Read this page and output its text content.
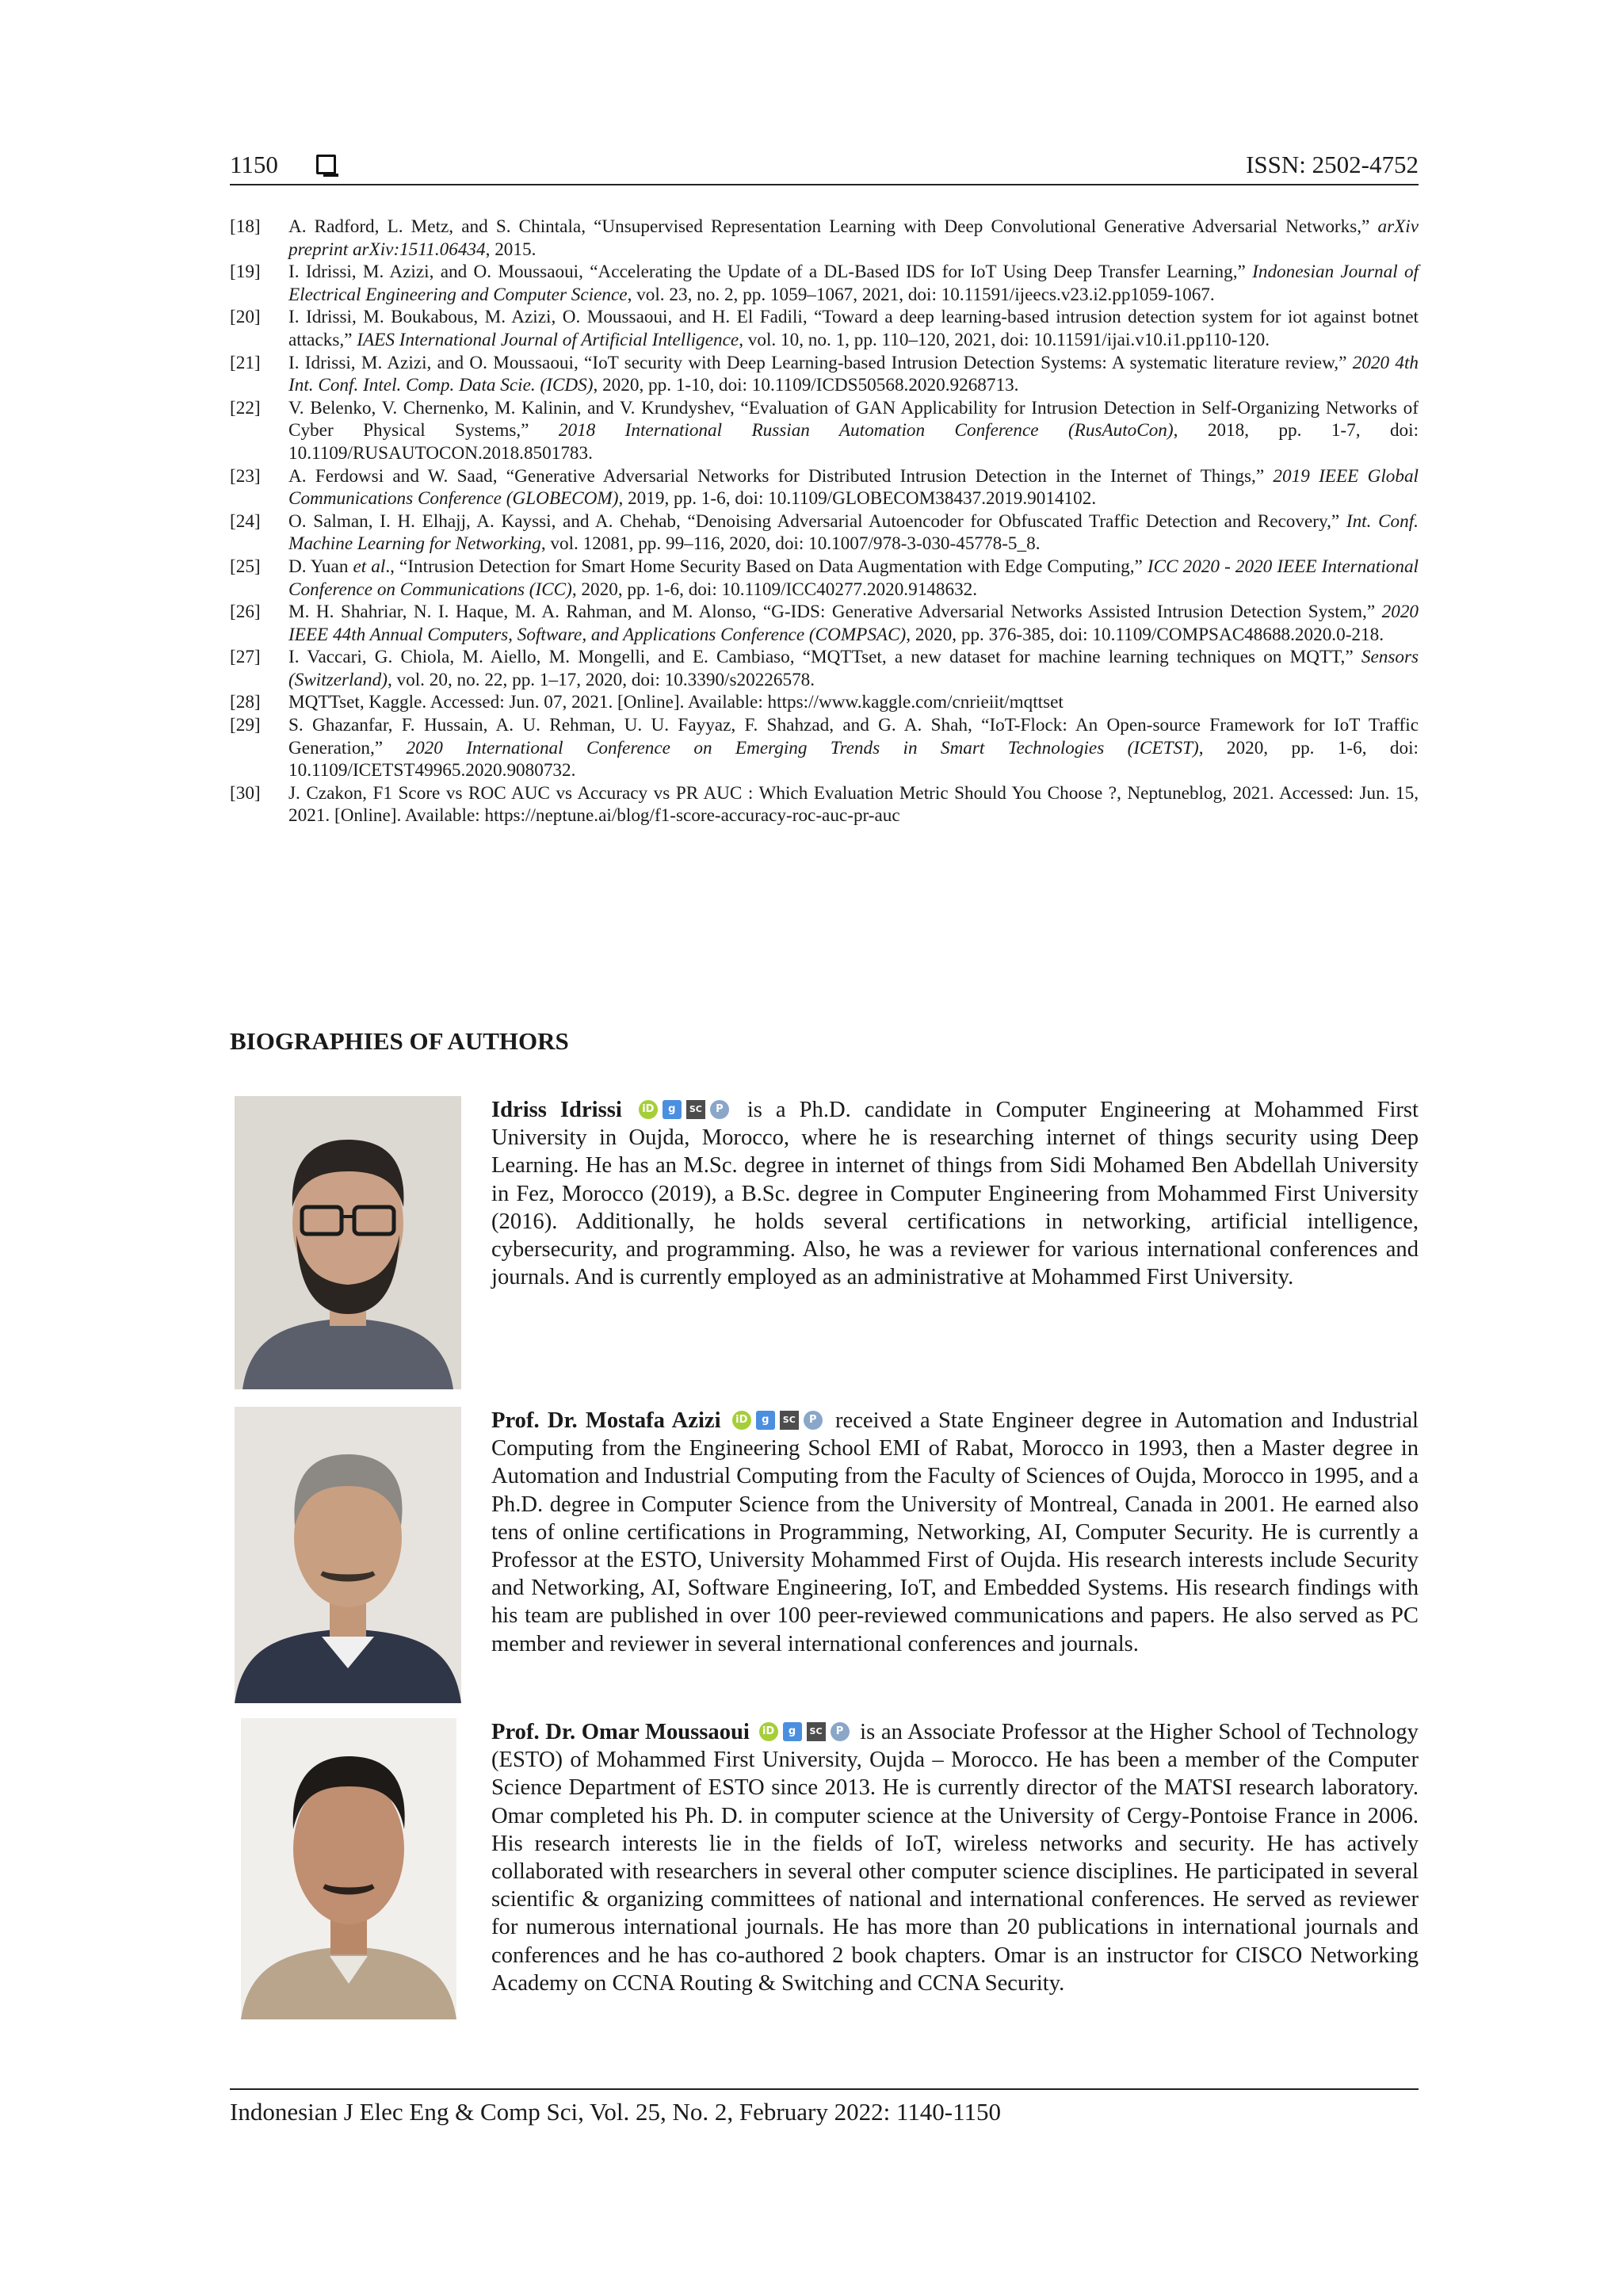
1150	ISSN: 2502-4752
[18]	A. Radford, L. Metz, and S. Chintala, “Unsupervised Representation Learning with Deep Convolutional Generative Adversarial Networks,” arXiv preprint arXiv:1511.06434, 2015.
[19]	I. Idrissi, M. Azizi, and O. Moussaoui, “Accelerating the Update of a DL-Based IDS for IoT Using Deep Transfer Learning,” Indonesian Journal of Electrical Engineering and Computer Science, vol. 23, no. 2, pp. 1059–1067, 2021, doi: 10.11591/ijeecs.v23.i2.pp1059-1067.
[20]	I. Idrissi, M. Boukabous, M. Azizi, O. Moussaoui, and H. El Fadili, “Toward a deep learning-based intrusion detection system for iot against botnet attacks,” IAES International Journal of Artificial Intelligence, vol. 10, no. 1, pp. 110–120, 2021, doi: 10.11591/ijai.v10.i1.pp110-120.
[21]	I. Idrissi, M. Azizi, and O. Moussaoui, “IoT security with Deep Learning-based Intrusion Detection Systems: A systematic literature review,” 2020 4th Int. Conf. Intel. Comp. Data Scie. (ICDS), 2020, pp. 1-10, doi: 10.1109/ICDS50568.2020.9268713.
[22]	V. Belenko, V. Chernenko, M. Kalinin, and V. Krundyshev, “Evaluation of GAN Applicability for Intrusion Detection in Self-Organizing Networks of Cyber Physical Systems,” 2018 International Russian Automation Conference (RusAutoCon), 2018, pp. 1-7, doi: 10.1109/RUSAUTOCON.2018.8501783.
[23]	A. Ferdowsi and W. Saad, “Generative Adversarial Networks for Distributed Intrusion Detection in the Internet of Things,” 2019 IEEE Global Communications Conference (GLOBECOM), 2019, pp. 1-6, doi: 10.1109/GLOBECOM38437.2019.9014102.
[24]	O. Salman, I. H. Elhajj, A. Kayssi, and A. Chehab, “Denoising Adversarial Autoencoder for Obfuscated Traffic Detection and Recovery,” Int. Conf. Machine Learning for Networking, vol. 12081, pp. 99–116, 2020, doi: 10.1007/978-3-030-45778-5_8.
[25]	D. Yuan et al., “Intrusion Detection for Smart Home Security Based on Data Augmentation with Edge Computing,” ICC 2020 - 2020 IEEE International Conference on Communications (ICC), 2020, pp. 1-6, doi: 10.1109/ICC40277.2020.9148632.
[26]	M. H. Shahriar, N. I. Haque, M. A. Rahman, and M. Alonso, “G-IDS: Generative Adversarial Networks Assisted Intrusion Detection System,” 2020 IEEE 44th Annual Computers, Software, and Applications Conference (COMPSAC), 2020, pp. 376-385, doi: 10.1109/COMPSAC48688.2020.0-218.
[27]	I. Vaccari, G. Chiola, M. Aiello, M. Mongelli, and E. Cambiaso, “MQTTset, a new dataset for machine learning techniques on MQTT,” Sensors (Switzerland), vol. 20, no. 22, pp. 1–17, 2020, doi: 10.3390/s20226578.
[28]	MQTTset, Kaggle. Accessed: Jun. 07, 2021. [Online]. Available: https://www.kaggle.com/cnrieiit/mqttset
[29]	S. Ghazanfar, F. Hussain, A. U. Rehman, U. U. Fayyaz, F. Shahzad, and G. A. Shah, “IoT-Flock: An Open-source Framework for IoT Traffic Generation,” 2020 International Conference on Emerging Trends in Smart Technologies (ICETST), 2020, pp. 1-6, doi: 10.1109/ICETST49965.2020.9080732.
[30]	J. Czakon, F1 Score vs ROC AUC vs Accuracy vs PR AUC : Which Evaluation Metric Should You Choose ?, Neptuneblog, 2021. Accessed: Jun. 15, 2021. [Online]. Available: https://neptune.ai/blog/f1-score-accuracy-roc-auc-pr-auc
BIOGRAPHIES OF AUTHORS
Idriss Idrissi	iD	g	SC	P is a Ph.D. candidate in Computer Engineering at Mohammed First University in Oujda, Morocco, where he is researching internet of things security using Deep Learning. He has an M.Sc. degree in internet of things from Sidi Mohamed Ben Abdellah University in Fez, Morocco (2019), a B.Sc. degree in Computer Engineering from Mohammed First University (2016). Additionally, he holds several certifications in networking, artificial intelligence, cybersecurity, and programming. Also, he was a reviewer for various international conferences and journals. And is currently employed as an administrative at Mohammed First University.
Prof. Dr. Mostafa Azizi	iD	g	SC	P received a State Engineer degree in Automation and Industrial Computing from the Engineering School EMI of Rabat, Morocco in 1993, then a Master degree in Automation and Industrial Computing from the Faculty of Sciences of Oujda, Morocco in 1995, and a Ph.D. degree in Computer Science from the University of Montreal, Canada in 2001. He earned also tens of online certifications in Programming, Networking, AI, Computer Security. He is currently a Professor at the ESTO, University Mohammed First of Oujda. His research interests include Security and Networking, AI, Software Engineering, IoT, and Embedded Systems. His research findings with his team are published in over 100 peer-reviewed communications and papers. He also served as PC member and reviewer in several international conferences and journals.
Prof. Dr. Omar Moussaoui	iD	g	SC	P is an Associate Professor at the Higher School of Technology (ESTO) of Mohammed First University, Oujda – Morocco. He has been a member of the Computer Science Department of ESTO since 2013. He is currently director of the MATSI research laboratory. Omar completed his Ph. D. in computer science at the University of Cergy-Pontoise France in 2006. His research interests lie in the fields of IoT, wireless networks and security. He has actively collaborated with researchers in several other computer science disciplines. He participated in several scientific & organizing committees of national and international conferences. He served as reviewer for numerous international journals. He has more than 20 publications in international journals and conferences and he has co-authored 2 book chapters. Omar is an instructor for CISCO Networking Academy on CCNA Routing & Switching and CCNA Security.
Indonesian J Elec Eng & Comp Sci, Vol. 25, No. 2, February 2022: 1140-1150
